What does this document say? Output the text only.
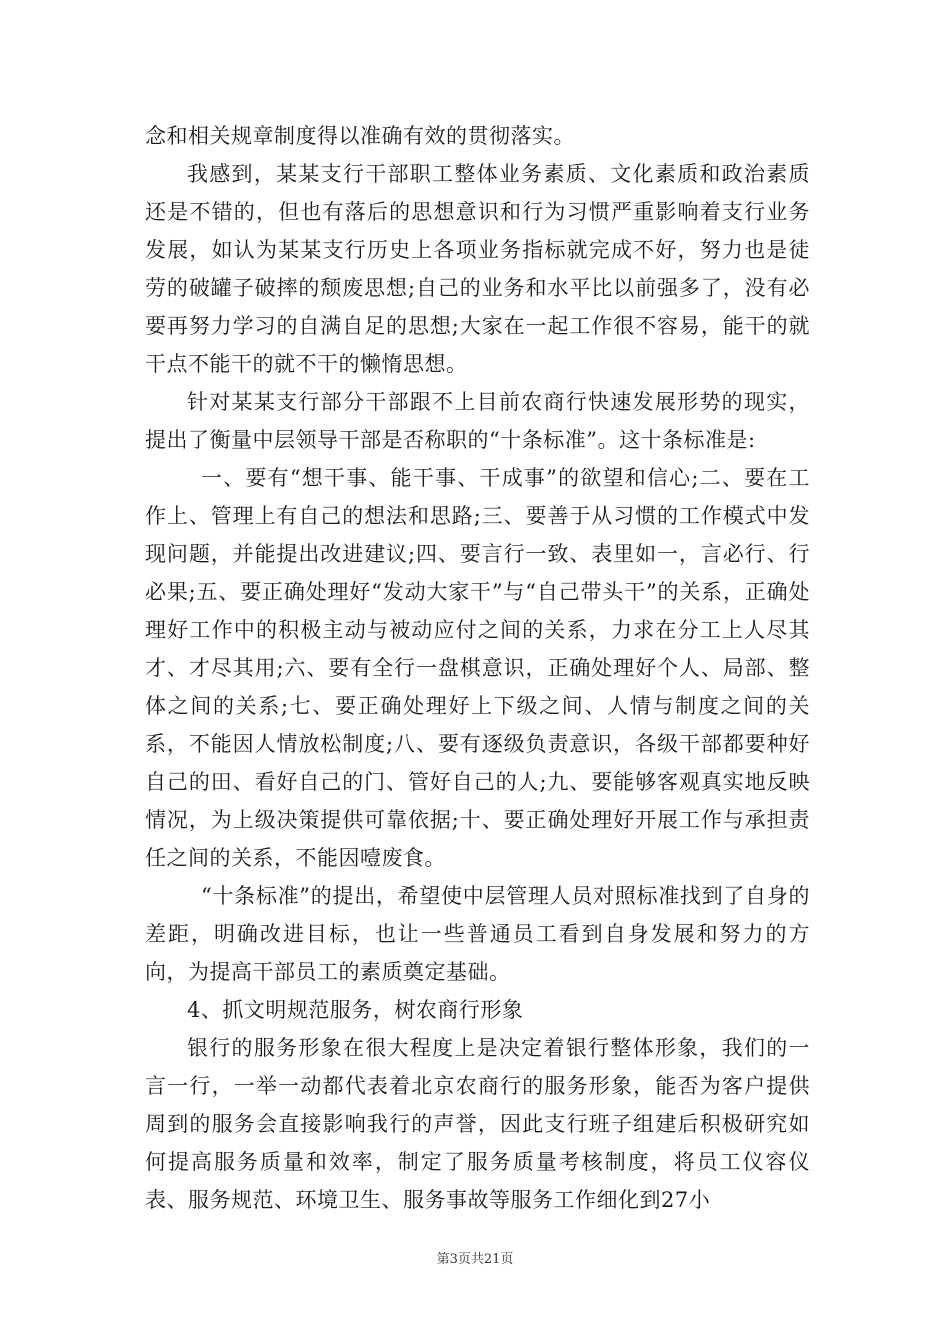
念和相关规章制度得以准确有效的贯彻落实。

我感到，某某支行干部职工整体业务素质、文化素质和政治素质还是不错的，但也有落后的思想意识和行为习惯严重影响着支行业务发展，如认为某某支行历史上各项业务指标就完成不好，努力也是徒劳的破罐子破摔的颓废思想;自己的业务和水平比以前强多了，没有必要再努力学习的自满自足的思想;大家在一起工作很不容易，能干的就干点不能干的就不干的懒惰思想。

针对某某支行部分干部跟不上目前农商行快速发展形势的现实，提出了衡量中层领导干部是否称职的“十条标准”。这十条标准是:

一、要有“想干事、能干事、干成事”的欲望和信心;二、要在工作上、管理上有自己的想法和思路;三、要善于从习惯的工作模式中发现问题，并能提出改进建议;四、要言行一致、表里如一，言必行、行必果;五、要正确处理好“发动大家干”与“自己带头干”的关系，正确处理好工作中的积极主动与被动应付之间的关系，力求在分工上人尽其才、才尽其用;六、要有全行一盘棋意识，正确处理好个人、局部、整体之间的关系;七、要正确处理好上下级之间、人情与制度之间的关系，不能因人情放松制度;八、要有逐级负责意识，各级干部都要种好自己的田、看好自己的门、管好自己的人;九、要能够客观真实地反映情况，为上级决策提供可靠依据;十、要正确处理好开展工作与承担责任之间的关系，不能因噎废食。

“十条标准”的提出，希望使中层管理人员对照标准找到了自身的差距，明确改进目标，也让一些普通员工看到自身发展和努力的方向，为提高干部员工的素质奠定基础。

4、抓文明规范服务，树农商行形象

银行的服务形象在很大程度上是决定着银行整体形象，我们的一言一行，一举一动都代表着北京农商行的服务形象，能否为客户提供周到的服务会直接影响我行的声誉，因此支行班子组建后积极研究如何提高服务质量和效率，制定了服务质量考核制度，将员工仪容仪表、服务规范、环境卫生、服务事故等服务工作细化到27小

第3页共21页
